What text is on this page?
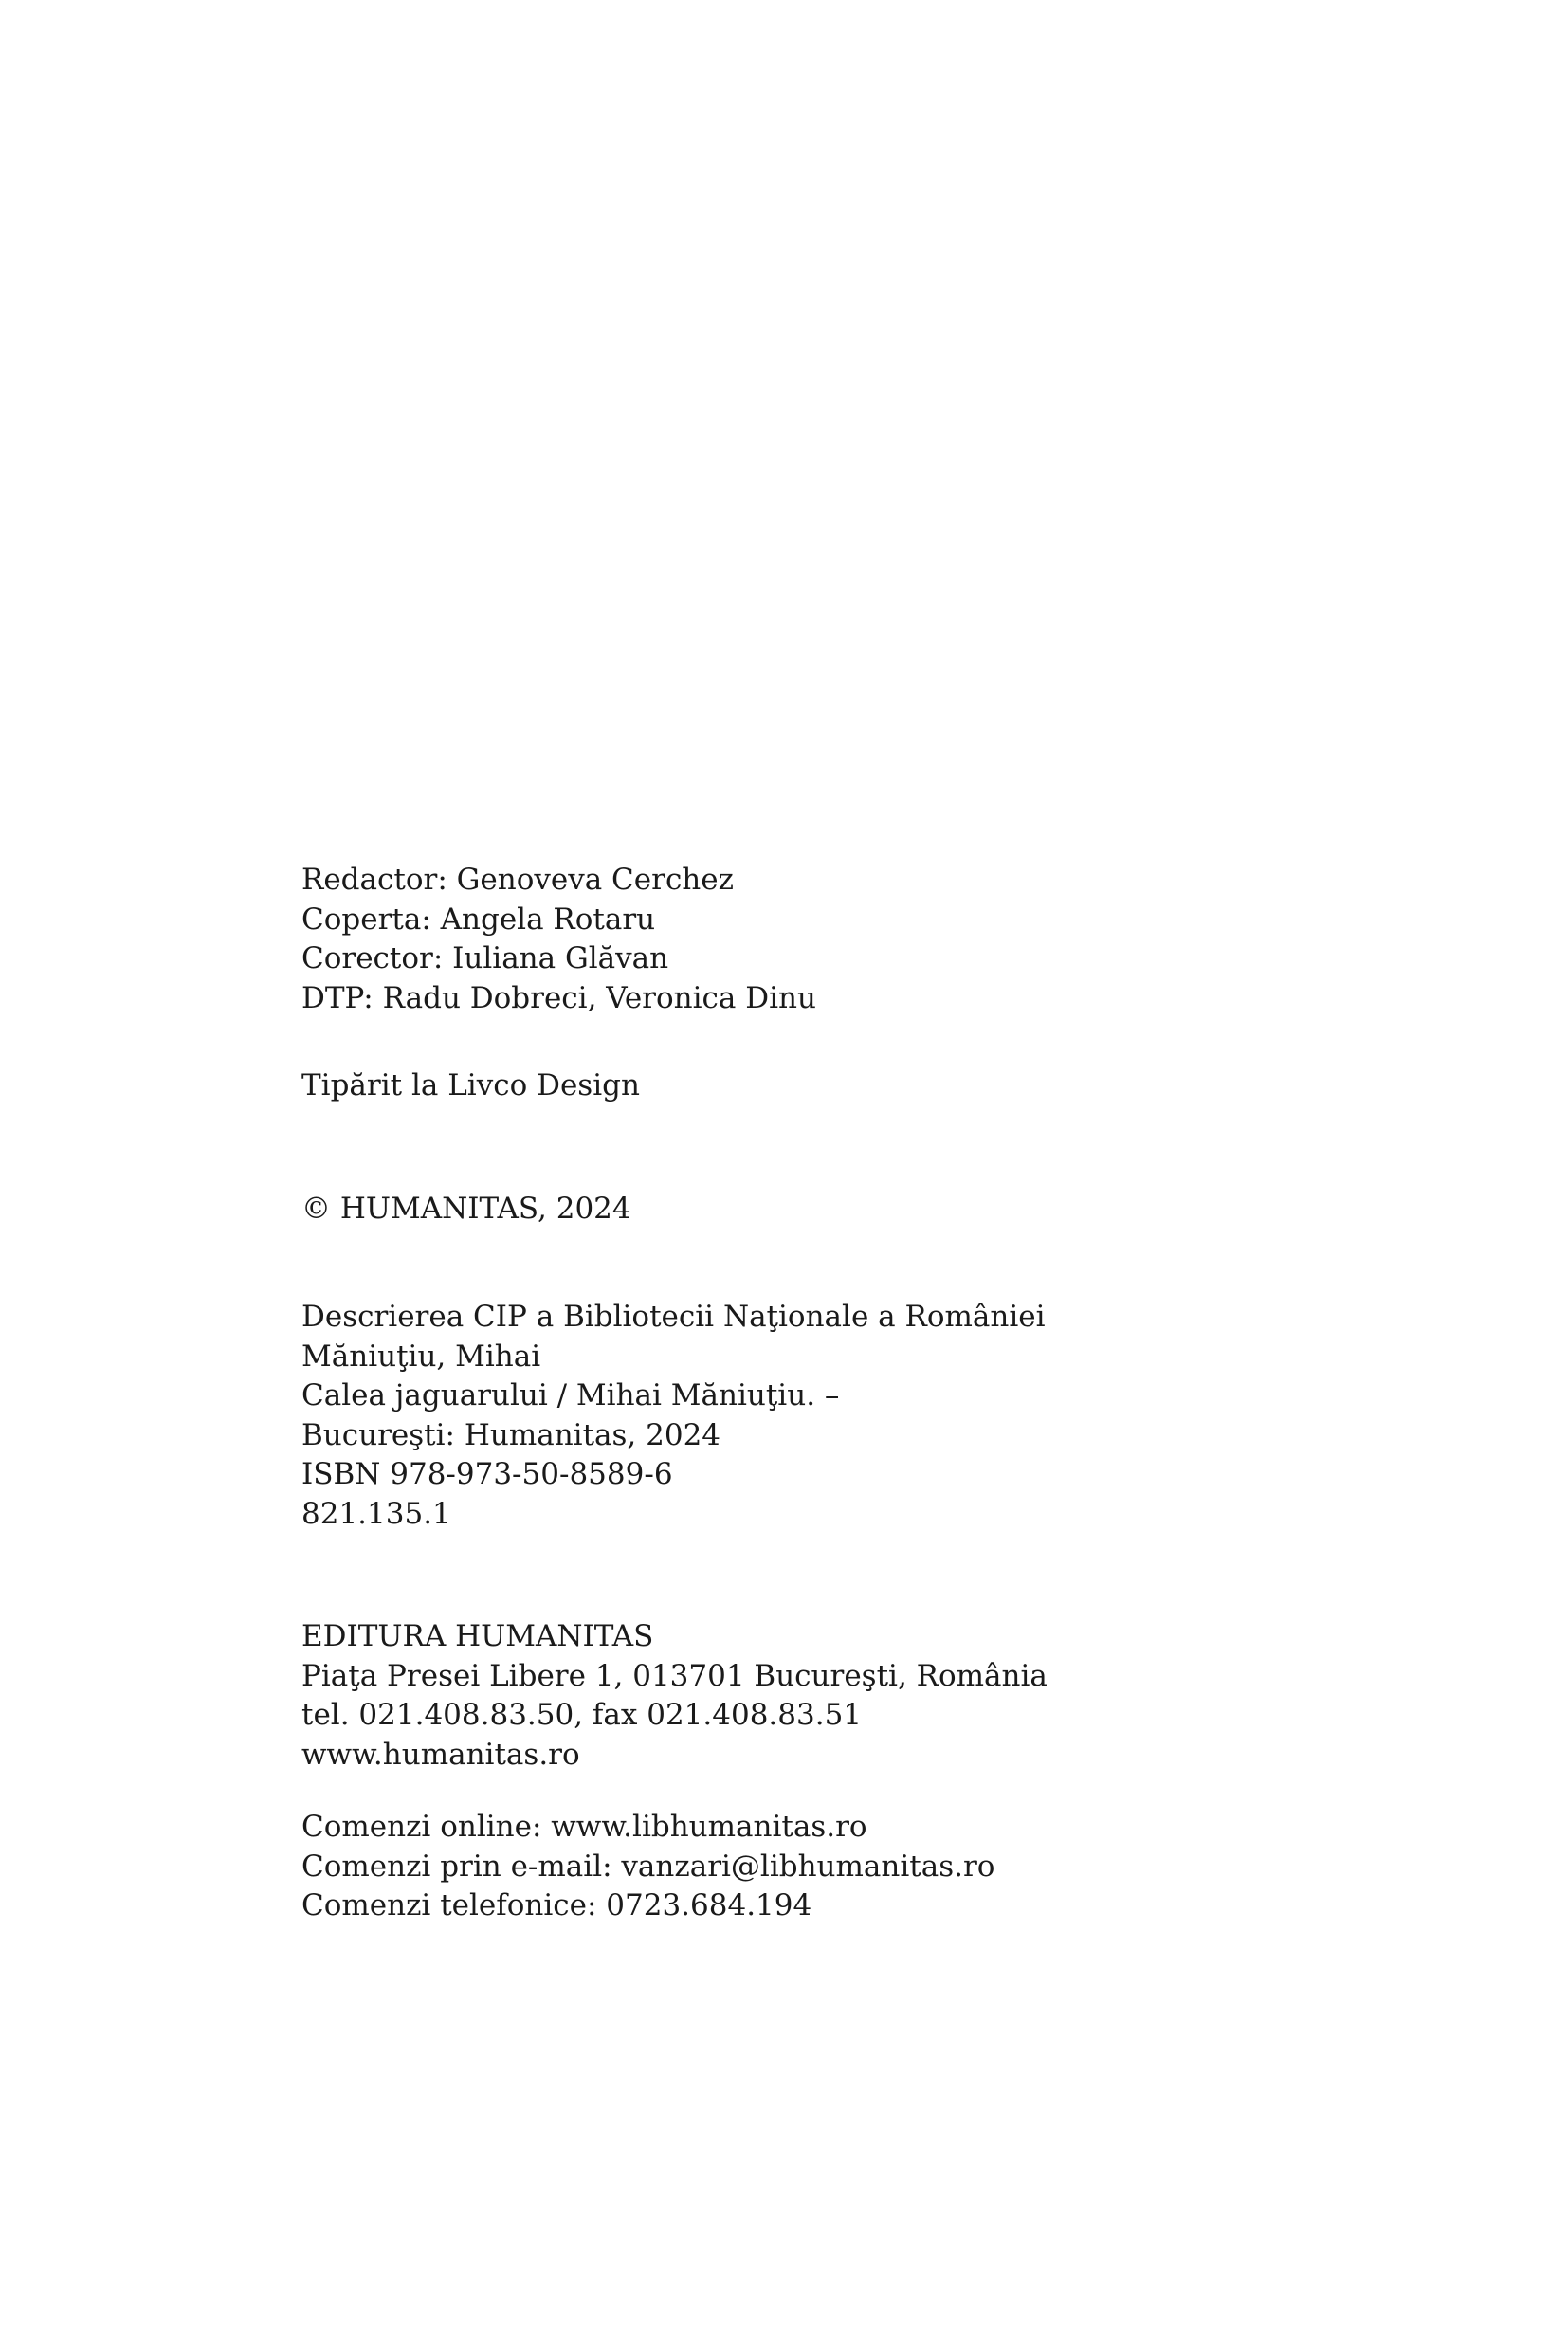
Redactor: Genoveva Cerchez
Coperta: Angela Rotaru
Corector: Iuliana Glăvan
DTP: Radu Dobreci, Veronica Dinu
Tipărit la Livco Design
© HUMANITAS, 2024
Descrierea CIP a Bibliotecii Naţionale a României
Măniuţiu, Mihai
Calea jaguarului / Mihai Măniuţiu. –
Bucureşti: Humanitas, 2024
ISBN 978-973-50-8589-6
821.135.1
EDITURA HUMANITAS
Piaţa Presei Libere 1, 013701 Bucureşti, România
tel. 021.408.83.50, fax 021.408.83.51
www.humanitas.ro
Comenzi online: www.libhumanitas.ro
Comenzi prin e-mail: vanzari@libhumanitas.ro
Comenzi telefonice: 0723.684.194
